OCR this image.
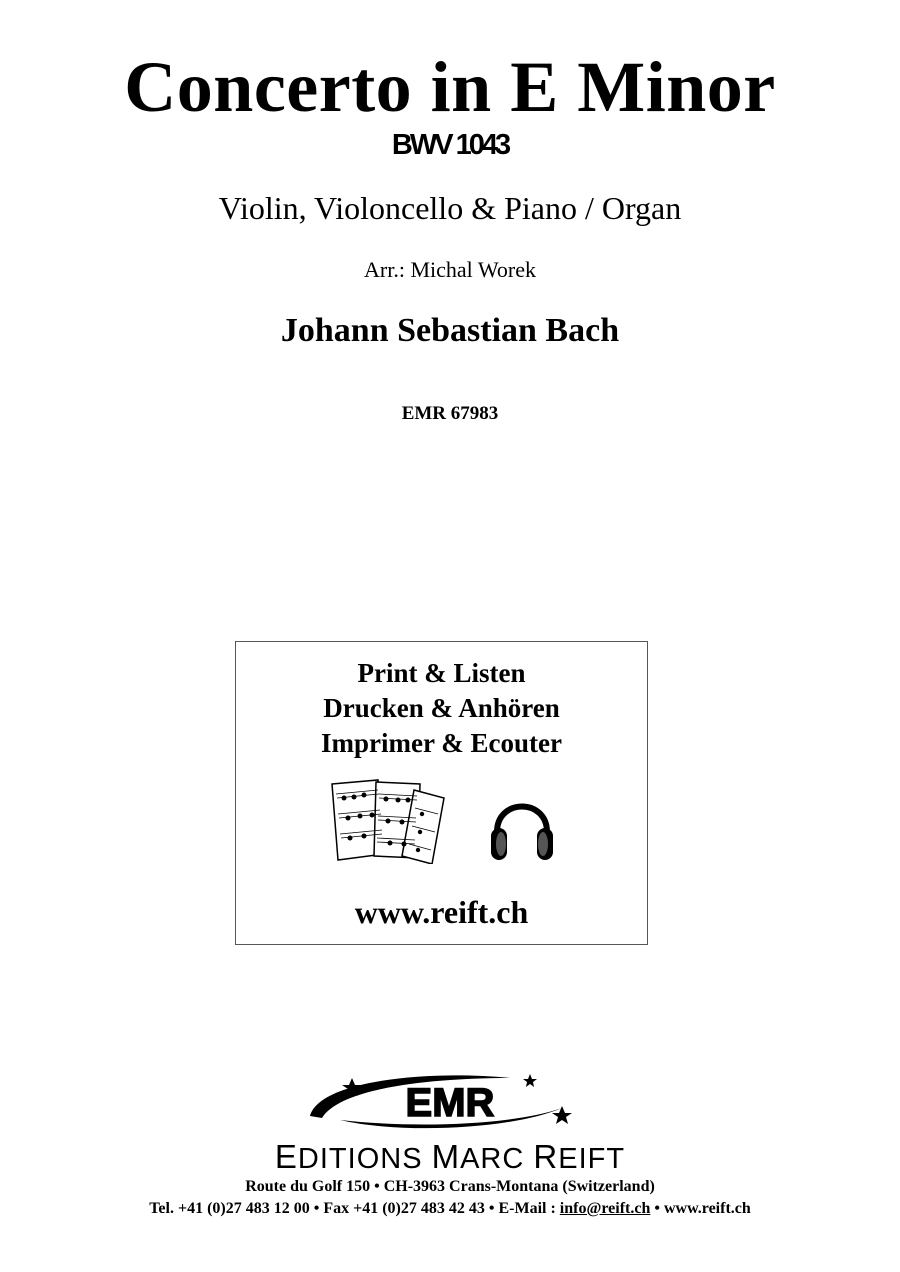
Concerto in E Minor
BWV 1043
Violin, Violoncello & Piano / Organ
Arr.: Michal Worek
Johann Sebastian Bach
EMR 67983
Print & Listen
Drucken & Anhören
Imprimer & Ecouter
www.reift.ch
EMR
EDITIONS MARC REIFT
Route du Golf 150 • CH-3963 Crans-Montana (Switzerland)
Tel. +41 (0)27 483 12 00 • Fax +41 (0)27 483 42 43 • E-Mail : info@reift.ch • www.reift.ch
